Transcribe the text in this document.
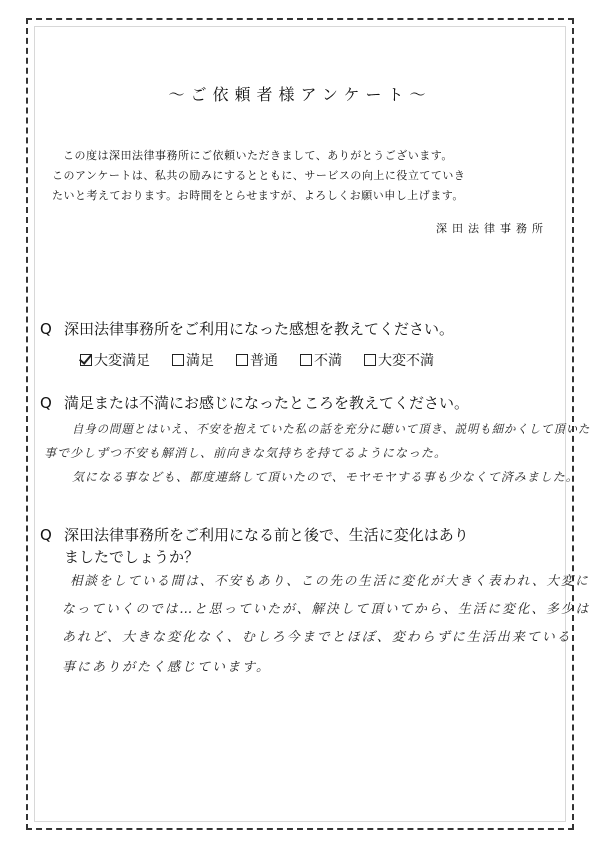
～ご依頼者様アンケート～

この度は深田法律事務所にご依頼いただきまして、ありがとうございます。

このアンケートは、私共の励みにするとともに、サービスの向上に役立てていき

たいと考えております。お時間をとらせますが、よろしくお願い申し上げます。

深田法律事務所
Q 深田法律事務所をご利用になった感想を教えてください。
大変満足	満足	普通	不満	大変不満
Q 満足または不満にお感じになったところを教えてください。
自身の問題とはいえ、不安を抱えていた私の話を充分に聴いて頂き、説明も細かくして頂いた
事で少しずつ不安も解消し、前向きな気持ちを持てるようになった。
気になる事なども、都度連絡して頂いたので、モヤモヤする事も少なくて済みました。
Q 深田法律事務所をご利用になる前と後で、生活に変化はあり
ましたでしょうか？
相談をしている間は、不安もあり、この先の生活に変化が大きく表われ、大変に
なっていくのでは…と思っていたが、解決して頂いてから、生活に変化、多少は
あれど、大きな変化なく、むしろ今までとほぼ、変わらずに生活出来ている
事にありがたく感じています。
